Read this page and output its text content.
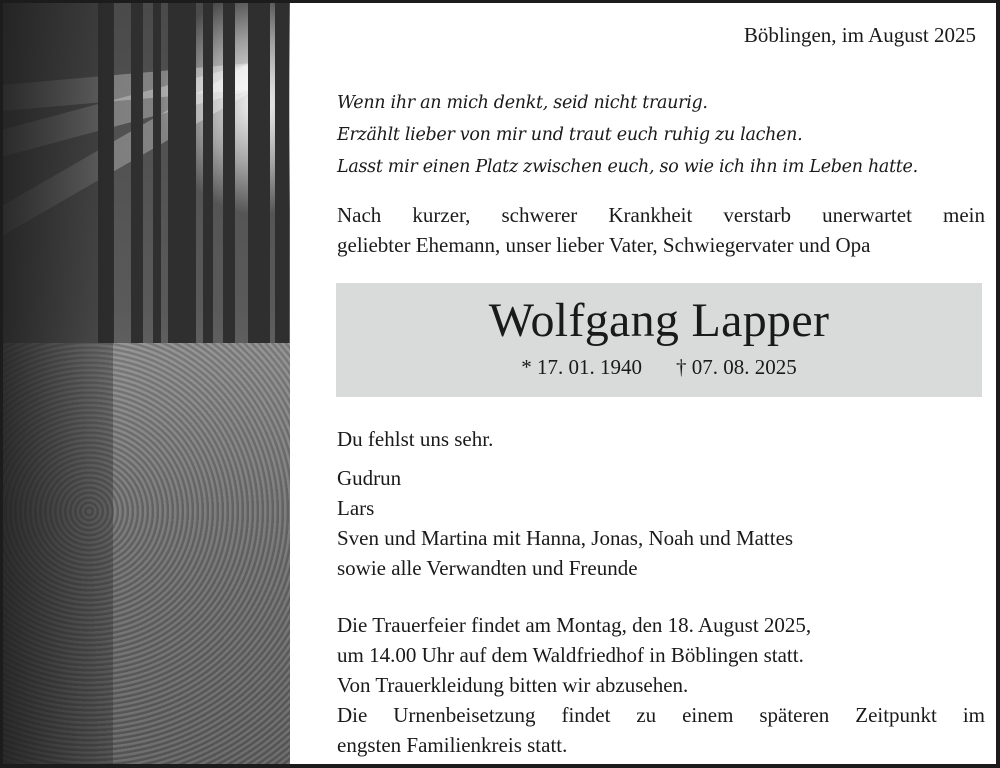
Böblingen, im August 2025
Wenn ihr an mich denkt, seid nicht traurig.
Erzählt lieber von mir und traut euch ruhig zu lachen.
Lasst mir einen Platz zwischen euch, so wie ich ihn im Leben hatte.
Nach kurzer, schwerer Krankheit verstarb unerwartet mein
geliebter Ehemann, unser lieber Vater, Schwiegervater und Opa
Wolfgang Lapper
* 17. 01. 1940 † 07. 08. 2025
Du fehlst uns sehr.
Gudrun
Lars
Sven und Martina mit Hanna, Jonas, Noah und Mattes
sowie alle Verwandten und Freunde
Die Trauerfeier findet am Montag, den 18. August 2025,
um 14.00 Uhr auf dem Waldfriedhof in Böblingen statt.
Von Trauerkleidung bitten wir abzusehen.
Die Urnenbeisetzung findet zu einem späteren Zeitpunkt im
engsten Familienkreis statt.
